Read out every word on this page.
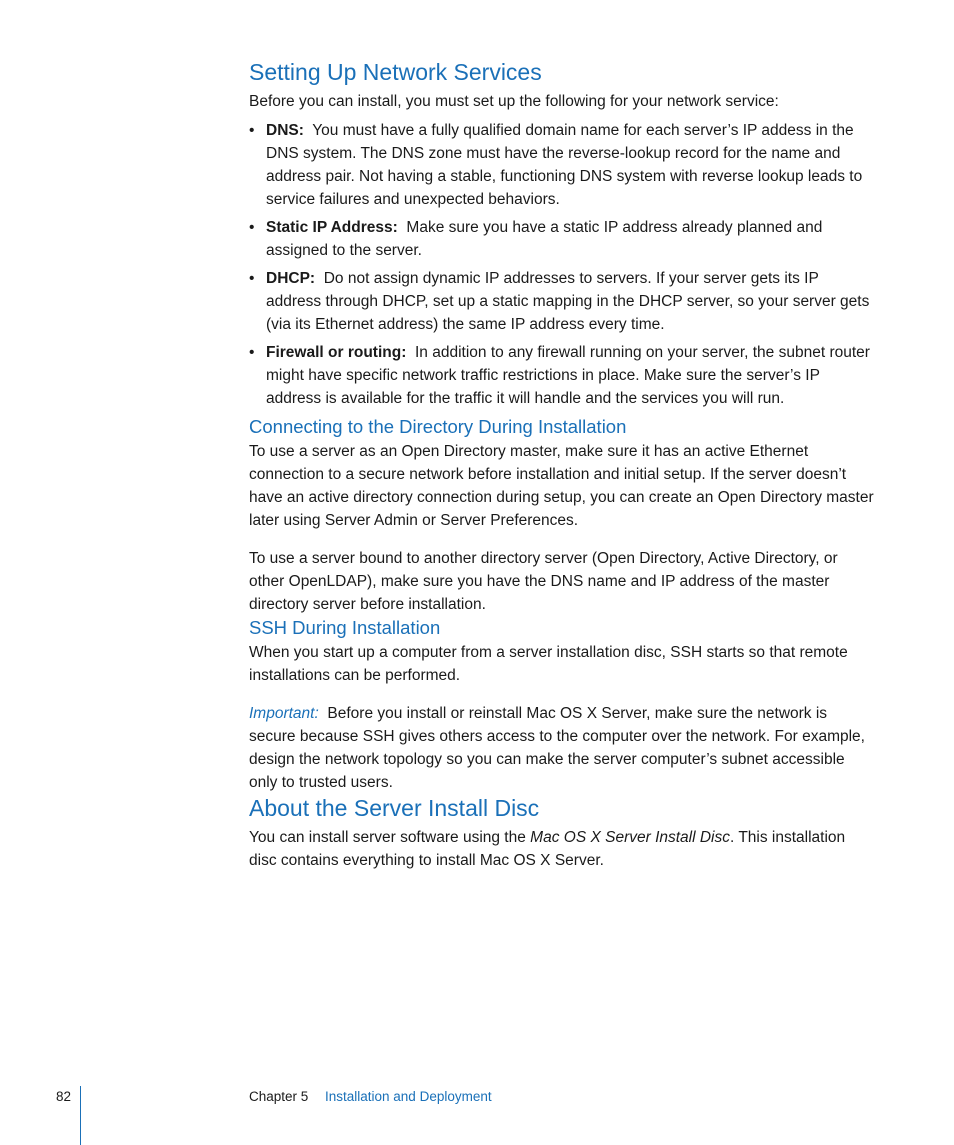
Setting Up Network Services

Before you can install, you must set up the following for your network service:

• DNS: You must have a fully qualified domain name for each server’s IP addess in the DNS system. The DNS zone must have the reverse-lookup record for the name and address pair. Not having a stable, functioning DNS system with reverse lookup leads to service failures and unexpected behaviors.
• Static IP Address: Make sure you have a static IP address already planned and assigned to the server.
• DHCP: Do not assign dynamic IP addresses to servers. If your server gets its IP address through DHCP, set up a static mapping in the DHCP server, so your server gets (via its Ethernet address) the same IP address every time.
• Firewall or routing: In addition to any firewall running on your server, the subnet router might have specific network traffic restrictions in place. Make sure the server’s IP address is available for the traffic it will handle and the services you will run.
Connecting to the Directory During Installation

To use a server as an Open Directory master, make sure it has an active Ethernet connection to a secure network before installation and initial setup. If the server doesn’t have an active directory connection during setup, you can create an Open Directory master later using Server Admin or Server Preferences.

To use a server bound to another directory server (Open Directory, Active Directory, or other OpenLDAP), make sure you have the DNS name and IP address of the master directory server before installation.

SSH During Installation

When you start up a computer from a server installation disc, SSH starts so that remote installations can be performed.

Important: Before you install or reinstall Mac OS X Server, make sure the network is secure because SSH gives others access to the computer over the network. For example, design the network topology so you can make the server computer’s subnet accessible only to trusted users.

About the Server Install Disc

You can install server software using the Mac OS X Server Install Disc. This installation disc contains everything to install Mac OS X Server.

82	Chapter 5 Installation and Deployment
